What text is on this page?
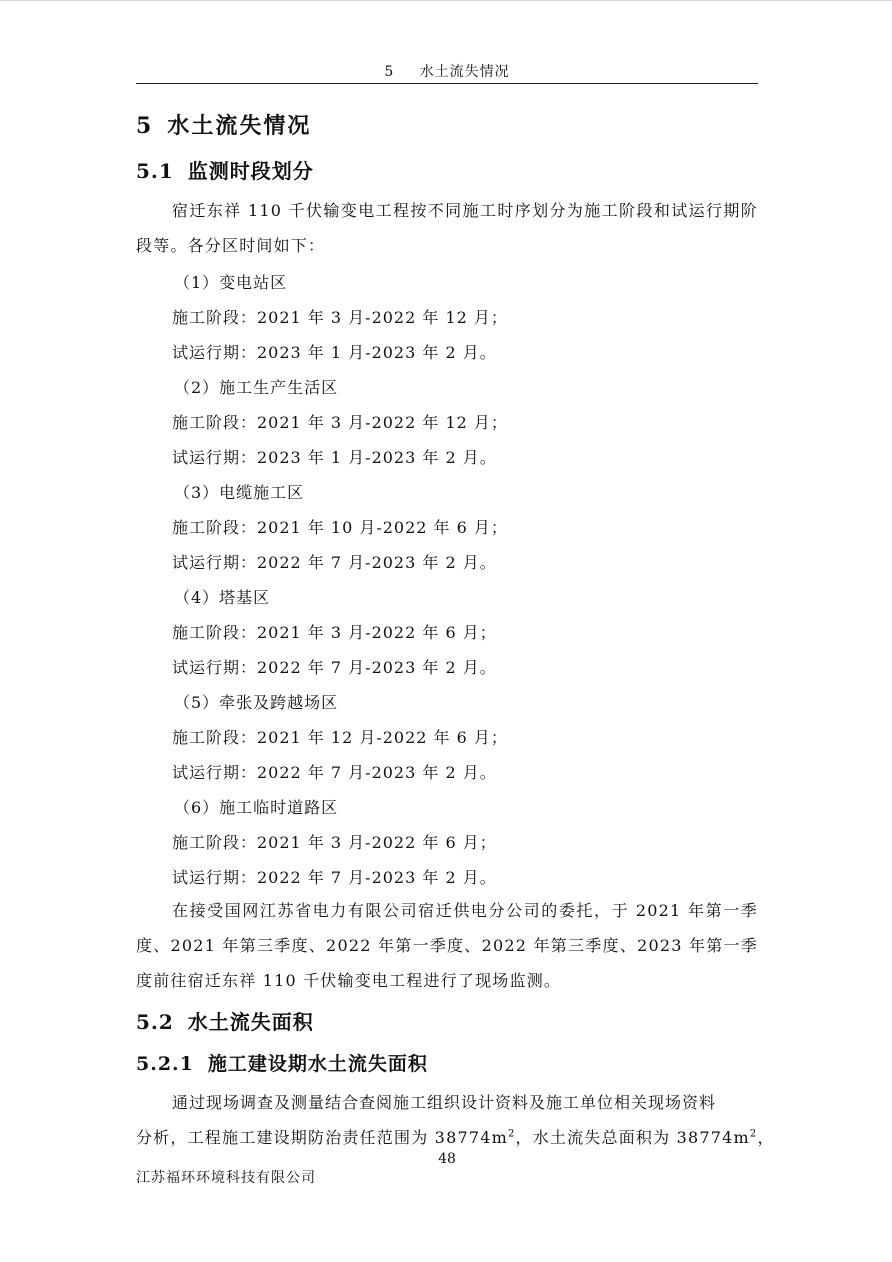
5 水土流失情况
5 水土流失情况
5.1 监测时段划分

宿迁东祥 110 千伏输变电工程按不同施工时序划分为施工阶段和试运行期阶段等。各分区时间如下：

（1）变电站区
施工阶段：2021 年 3 月-2022 年 12 月；
试运行期：2023 年 1 月-2023 年 2 月。
（2）施工生产生活区
施工阶段：2021 年 3 月-2022 年 12 月；
试运行期：2023 年 1 月-2023 年 2 月。
（3）电缆施工区
施工阶段：2021 年 10 月-2022 年 6 月；
试运行期：2022 年 7 月-2023 年 2 月。
（4）塔基区
施工阶段：2021 年 3 月-2022 年 6 月；
试运行期：2022 年 7 月-2023 年 2 月。
（5）牵张及跨越场区
施工阶段：2021 年 12 月-2022 年 6 月；
试运行期：2022 年 7 月-2023 年 2 月。
（6）施工临时道路区
施工阶段：2021 年 3 月-2022 年 6 月；
试运行期：2022 年 7 月-2023 年 2 月。

在接受国网江苏省电力有限公司宿迁供电分公司的委托，于 2021 年第一季度、2021 年第三季度、2022 年第一季度、2022 年第三季度、2023 年第一季度前往宿迁东祥 110 千伏输变电工程进行了现场监测。

5.2 水土流失面积
5.2.1 施工建设期水土流失面积
通过现场调查及测量结合查阅施工组织设计资料及施工单位相关现场资料
分析，工程施工建设期防治责任范围为 $38774m^2$，水土流失总面积为 $38774m^2$，
48
江苏福环环境科技有限公司
